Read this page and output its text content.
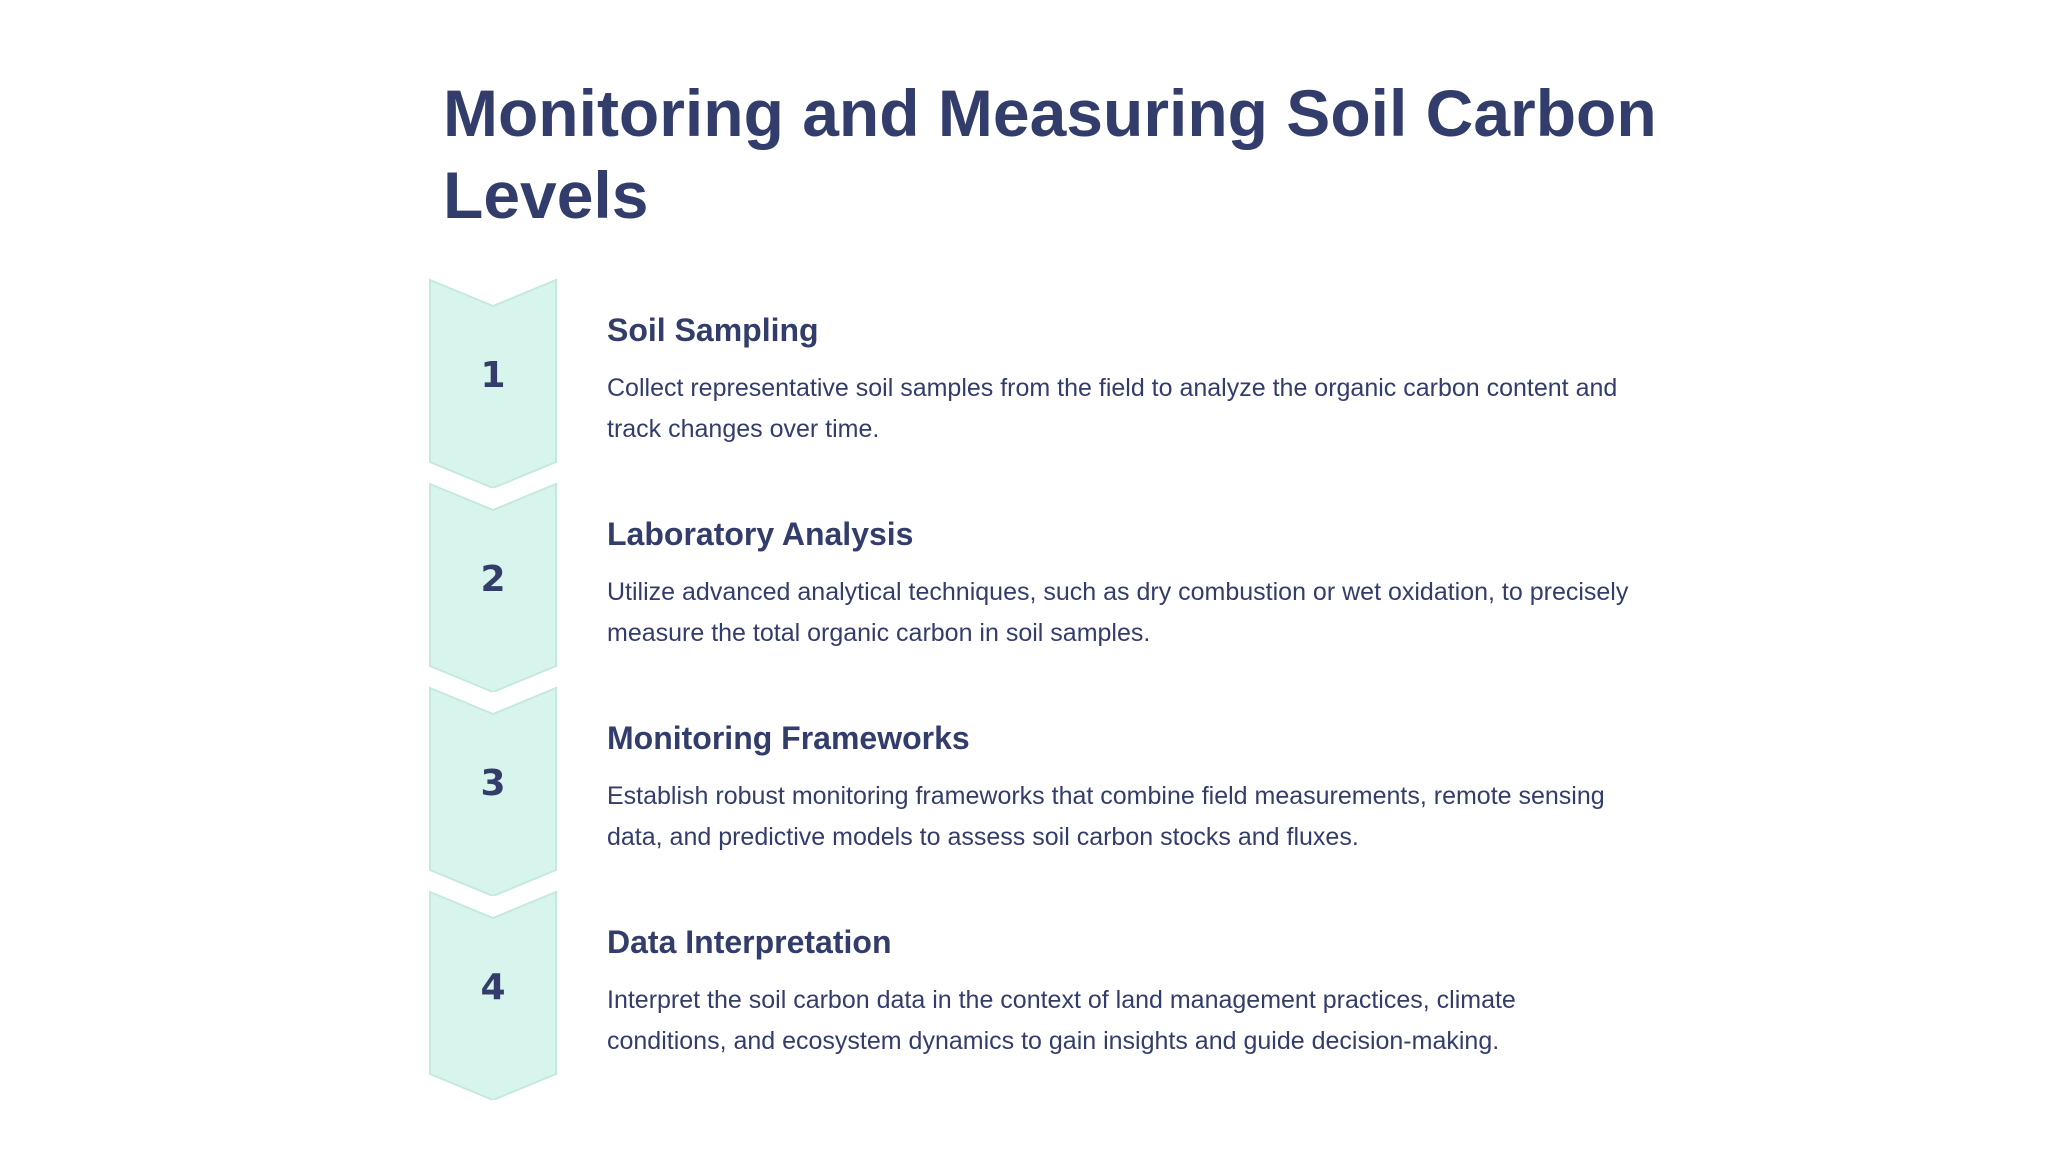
Monitoring and Measuring Soil Carbon Levels
1
Soil Sampling

Collect representative soil samples from the field to analyze the organic carbon content and track changes over time.

2
Laboratory Analysis

Utilize advanced analytical techniques, such as dry combustion or wet oxidation, to precisely measure the total organic carbon in soil samples.

3
Monitoring Frameworks

Establish robust monitoring frameworks that combine field measurements, remote sensing data, and predictive models to assess soil carbon stocks and fluxes.

4
Data Interpretation

Interpret the soil carbon data in the context of land management practices, climate conditions, and ecosystem dynamics to gain insights and guide decision-making.
